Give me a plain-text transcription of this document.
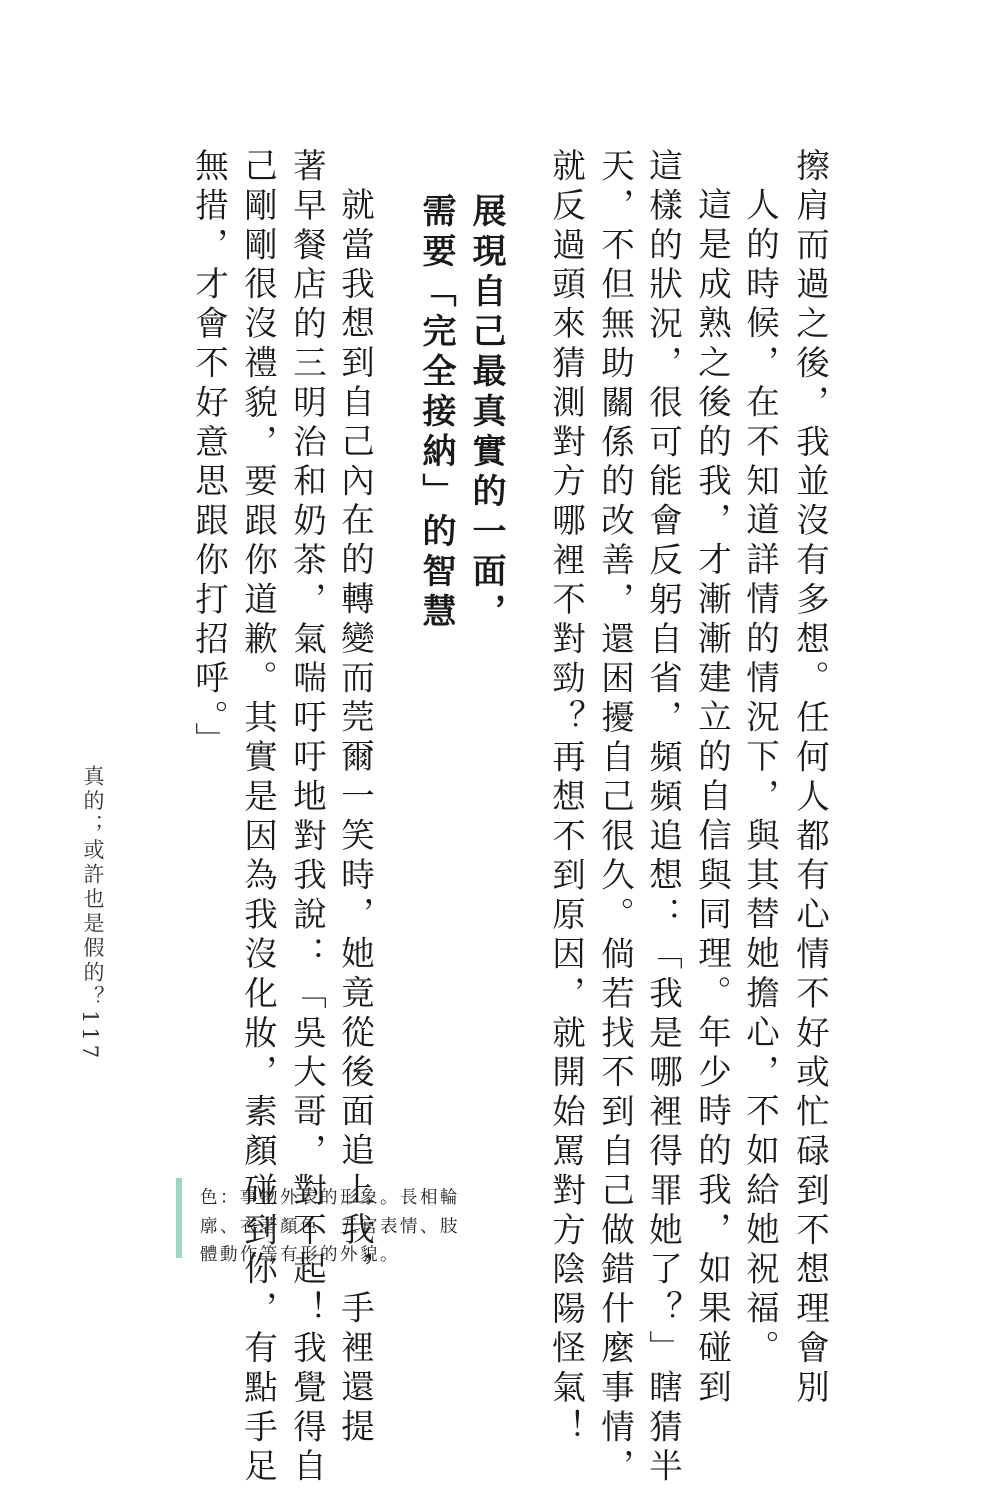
擦肩而過之後，我並沒有多想。任何人都有心情不好或忙碌到不想理會別
人的時候，在不知道詳情的情況下，與其替她擔心，不如給她祝福。
這是成熟之後的我，才漸漸建立的自信與同理。年少時的我，如果碰到
這樣的狀況，很可能會反躬自省，頻頻追想：「我是哪裡得罪她了？」瞎猜半
天，不但無助關係的改善，還困擾自己很久。倘若找不到自己做錯什麼事情，
就反過頭來猜測對方哪裡不對勁？再想不到原因，就開始罵對方陰陽怪氣！
展現自己最真實的一面，
需要「完全接納」的智慧
就當我想到自己內在的轉變而莞爾一笑時，她竟從後面追上我，手裡還提
著早餐店的三明治和奶茶，氣喘吁吁地對我說：「吳大哥，對不起！我覺得自
己剛剛很沒禮貌，要跟你道歉。其實是因為我沒化妝，素顏碰到你，有點手足
無措，才會不好意思跟你打招呼。」
真的；或許也是假的？
117
色：事物外表的形象。長相輪
廓、衣著顏色、五官表情、肢
體動作等有形的外貌。
